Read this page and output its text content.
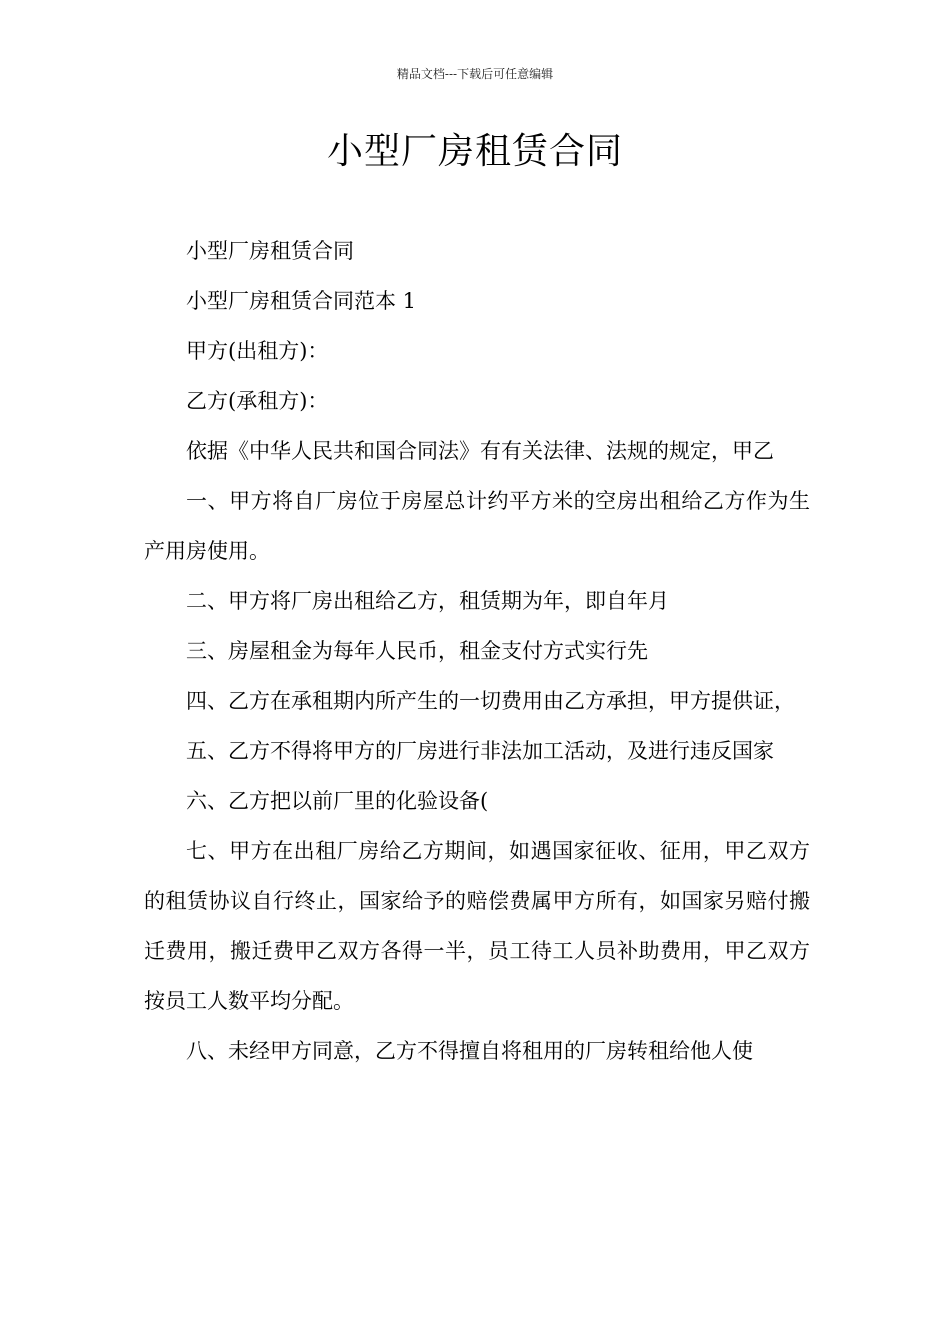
精品文档---下载后可任意编辑
小型厂房租赁合同

小型厂房租赁合同

小型厂房租赁合同范本 1

甲方(出租方)：

乙方(承租方)：

依据《中华人民共和国合同法》有有关法律、法规的规定，甲乙

一、甲方将自厂房位于房屋总计约平方米的空房出租给乙方作为生产用房使用。

二、甲方将厂房出租给乙方，租赁期为年，即自年月

三、房屋租金为每年人民币，租金支付方式实行先

四、乙方在承租期内所产生的一切费用由乙方承担，甲方提供证，

五、乙方不得将甲方的厂房进行非法加工活动，及进行违反国家

六、乙方把以前厂里的化验设备(

七、甲方在出租厂房给乙方期间，如遇国家征收、征用，甲乙双方的租赁协议自行终止，国家给予的赔偿费属甲方所有，如国家另赔付搬迁费用，搬迁费甲乙双方各得一半，员工待工人员补助费用，甲乙双方按员工人数平均分配。

八、未经甲方同意，乙方不得擅自将租用的厂房转租给他人使
